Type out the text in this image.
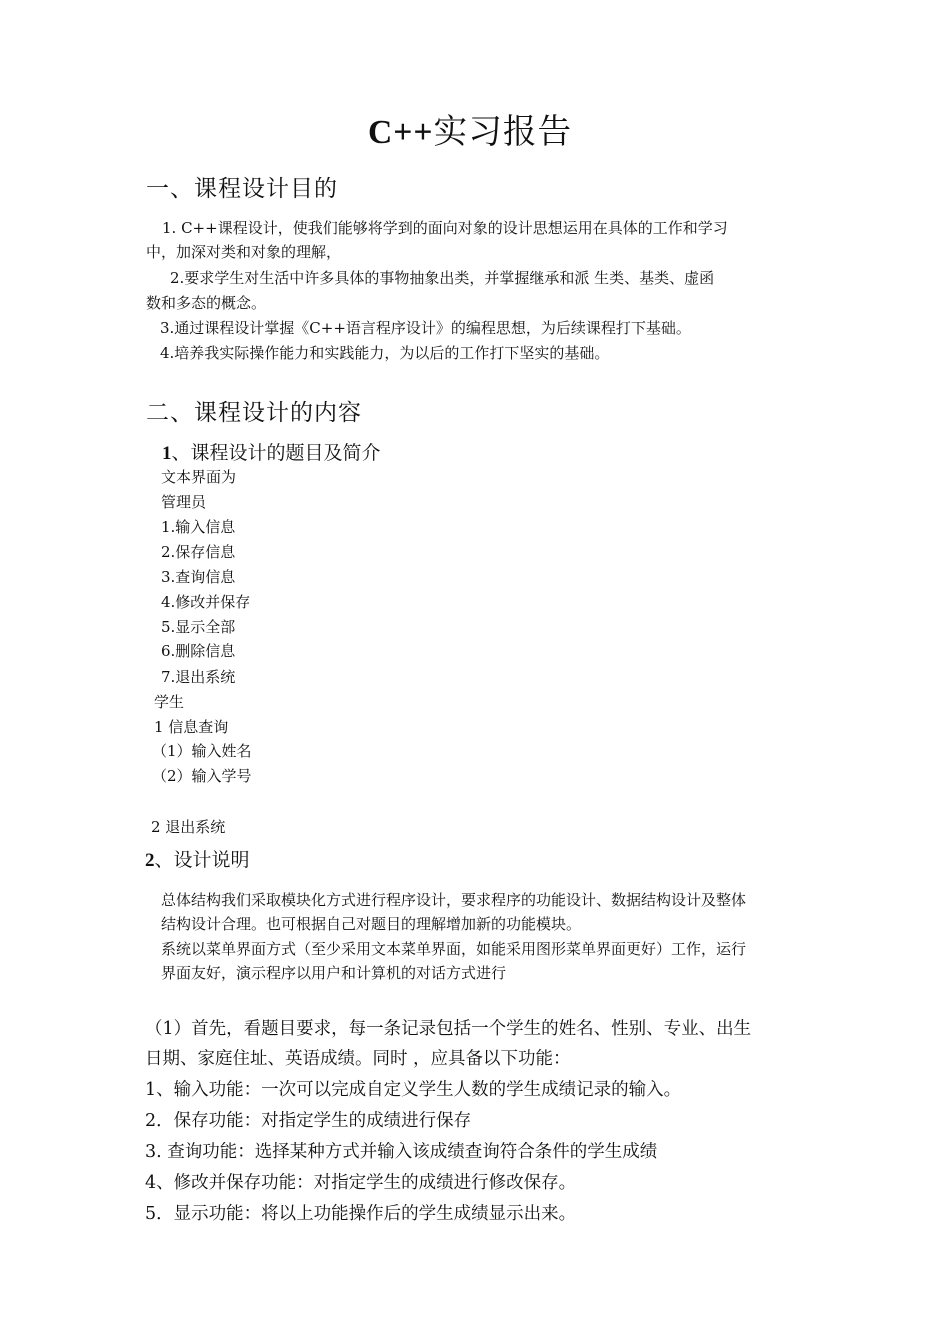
C++实习报告
一、课程设计目的
1. C++课程设计，使我们能够将学到的面向对象的设计思想运用在具体的工作和学习
中，加深对类和对象的理解，
2.要求学生对生活中许多具体的事物抽象出类，并掌握继承和派 生类、基类、虚函
数和多态的概念。
3.通过课程设计掌握《C++语言程序设计》的编程思想，为后续课程打下基础。
4.培养我实际操作能力和实践能力，为以后的工作打下坚实的基础。
二、课程设计的内容
1、课程设计的题目及简介
文本界面为
管理员
1.输入信息
2.保存信息
3.查询信息
4.修改并保存
5.显示全部
6.删除信息
7.退出系统
学生
1 信息查询
（1）输入姓名
（2）输入学号
2 退出系统
2、设计说明
总体结构我们采取模块化方式进行程序设计，要求程序的功能设计、数据结构设计及整体
结构设计合理。也可根据自己对题目的理解增加新的功能模块。
系统以菜单界面方式（至少采用文本菜单界面，如能采用图形菜单界面更好）工作，运行
界面友好，演示程序以用户和计算机的对话方式进行
（1）首先，看题目要求，每一条记录包括一个学生的姓名、性别、专业、出生
日期、家庭住址、英语成绩。同时 ，应具备以下功能：
1、输入功能：一次可以完成自定义学生人数的学生成绩记录的输入。
2．保存功能：对指定学生的成绩进行保存
3. 查询功能：选择某种方式并输入该成绩查询符合条件的学生成绩
4、修改并保存功能：对指定学生的成绩进行修改保存。
5．显示功能：将以上功能操作后的学生成绩显示出来。
